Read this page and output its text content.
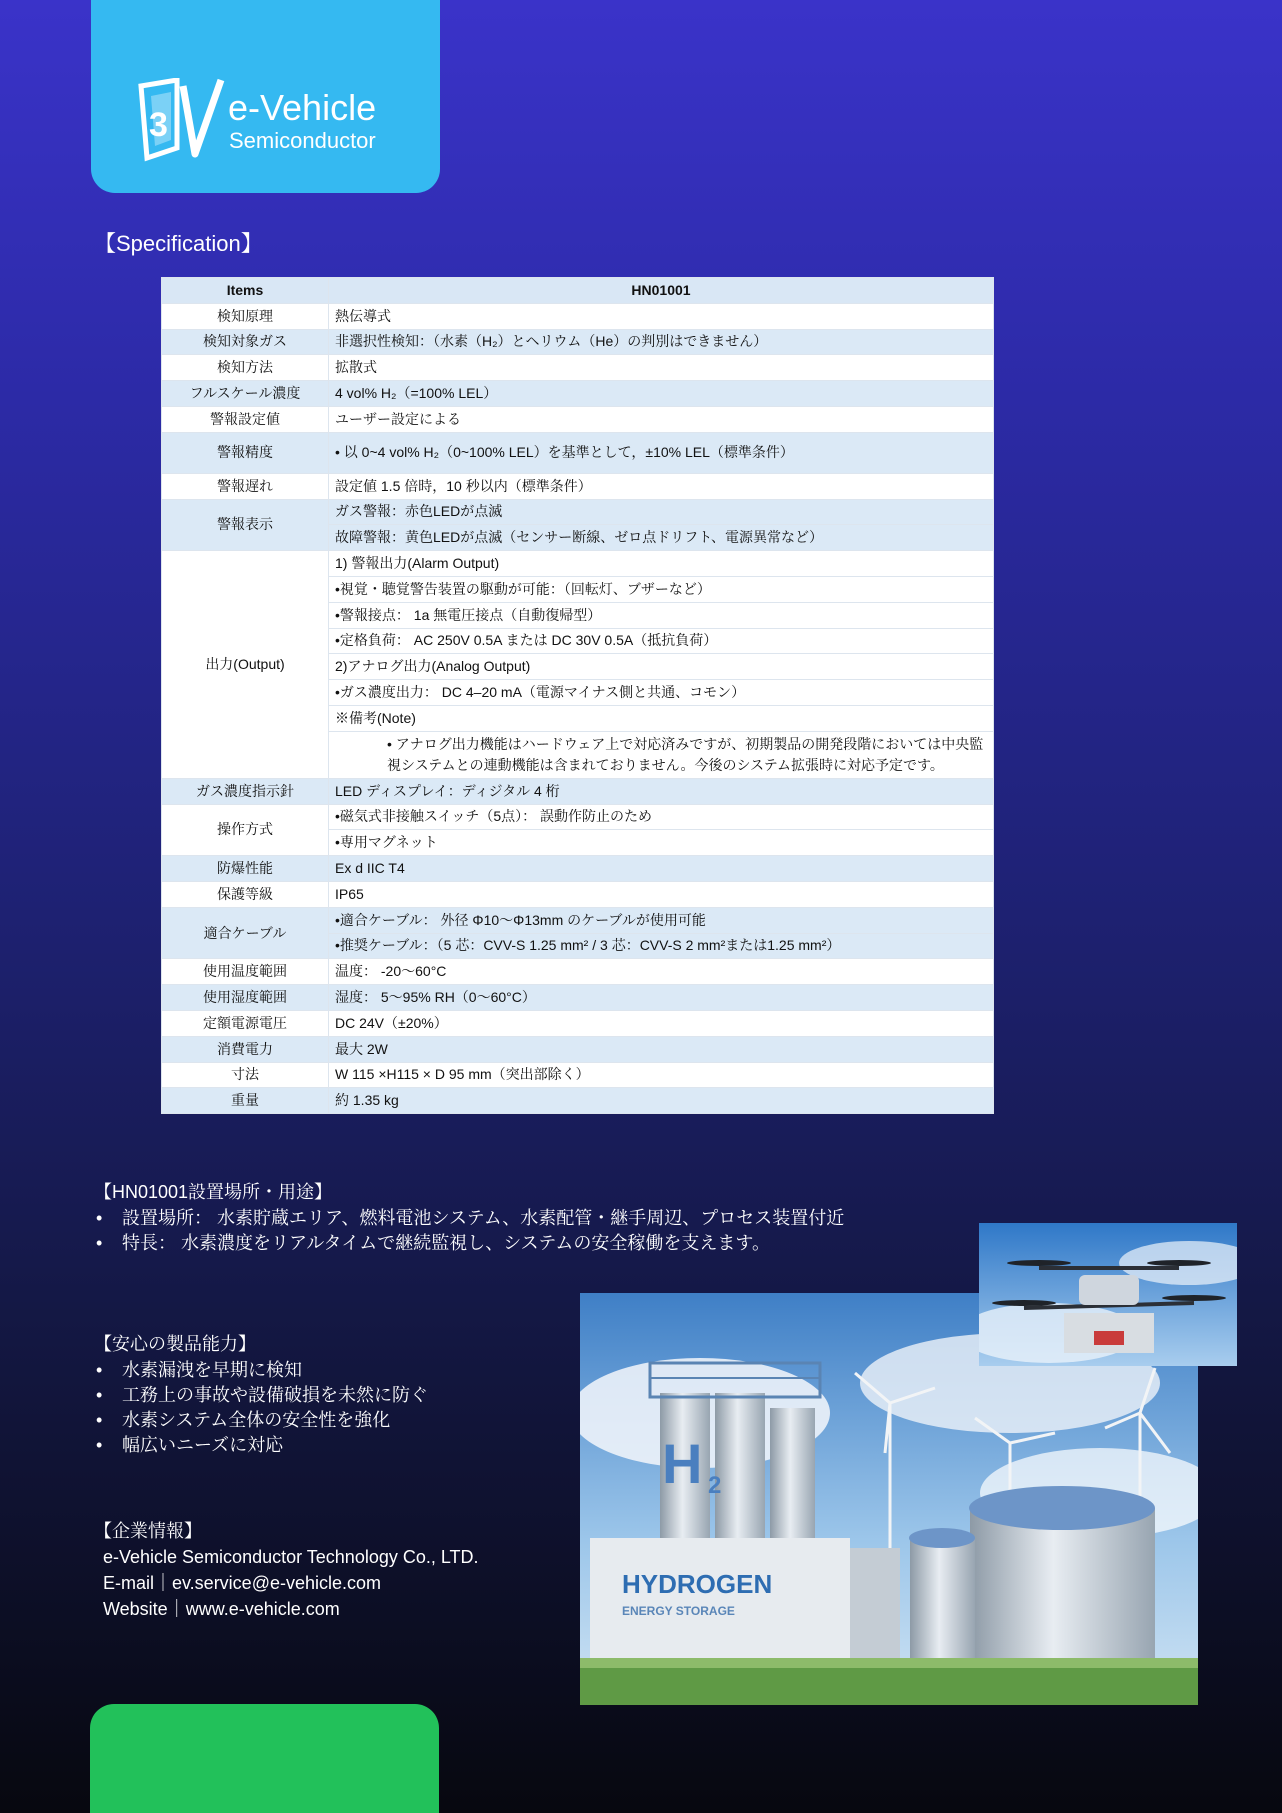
3 e-Vehicle
Semiconductor
【Specification】
Items	HN01001
検知原理	熱伝導式
検知対象ガス	非選択性検知：（水素（H₂）とヘリウム（He）の判別はできません）
検知方法	拡散式
フルスケール濃度	4 vol% H₂（=100% LEL）
警報設定値	ユーザー設定による
警報精度	• 以 0~4 vol% H₂（0~100% LEL）を基準として，±10% LEL（標準条件）
警報遅れ	設定値 1.5 倍時，10 秒以内（標準条件）
警報表示	ガス警報：赤色LEDが点滅
	故障警報：黄色LEDが点滅（センサー断線、ゼロ点ドリフト、電源異常など）
出力(Output)	1) 警報出力(Alarm Output)
	•視覚・聴覚警告装置の駆動が可能：（回転灯、ブザーなど）
	•警報接点： 1a 無電圧接点（自動復帰型）
	•定格負荷： AC 250V 0.5A または DC 30V 0.5A（抵抗負荷）
	2)アナログ出力(Analog Output)
	•ガス濃度出力： DC 4–20 mA（電源マイナス側と共通、コモン）
	※備考(Note)
	• アナログ出力機能はハードウェア上で対応済みですが、初期製品の開発段階においては中央監視システムとの連動機能は含まれておりません。今後のシステム拡張時に対応予定です。
ガス濃度指示針	LED ディスプレイ：ディジタル 4 桁
操作方式	•磁気式非接触スイッチ（5点）： 誤動作防止のため
	•専用マグネット
防爆性能	Ex d IIC T4
保護等級	IP65
適合ケーブル	•適合ケーブル： 外径 Φ10～Φ13mm のケーブルが使用可能
	•推奨ケーブル：（5 芯：CVV-S 1.25 mm² / 3 芯：CVV-S 2 mm²または1.25 mm²）
使用温度範囲	温度： -20～60°C
使用湿度範囲	湿度： 5～95% RH（0～60°C）
定額電源電圧	DC 24V（±20%）
消費電力	最大 2W
寸法	W 115 ×H115 × D 95 mm（突出部除く）
重量	約 1.35 kg
【HN01001設置場所・用途】
• 設置場所： 水素貯蔵エリア、燃料電池システム、水素配管・継手周辺、プロセス装置付近
• 特長： 水素濃度をリアルタイムで継続監視し、システムの安全稼働を支えます。
【安心の製品能力】
• 水素漏洩を早期に検知
• 工務上の事故や設備破損を未然に防ぐ
• 水素システム全体の安全性を強化
• 幅広いニーズに対応
【企業情報】
e-Vehicle Semiconductor Technology Co., LTD.
E-mail｜ev.service@e-vehicle.com
Website｜www.e-vehicle.com
H 2
HYDROGEN
ENERGY STORAGE
